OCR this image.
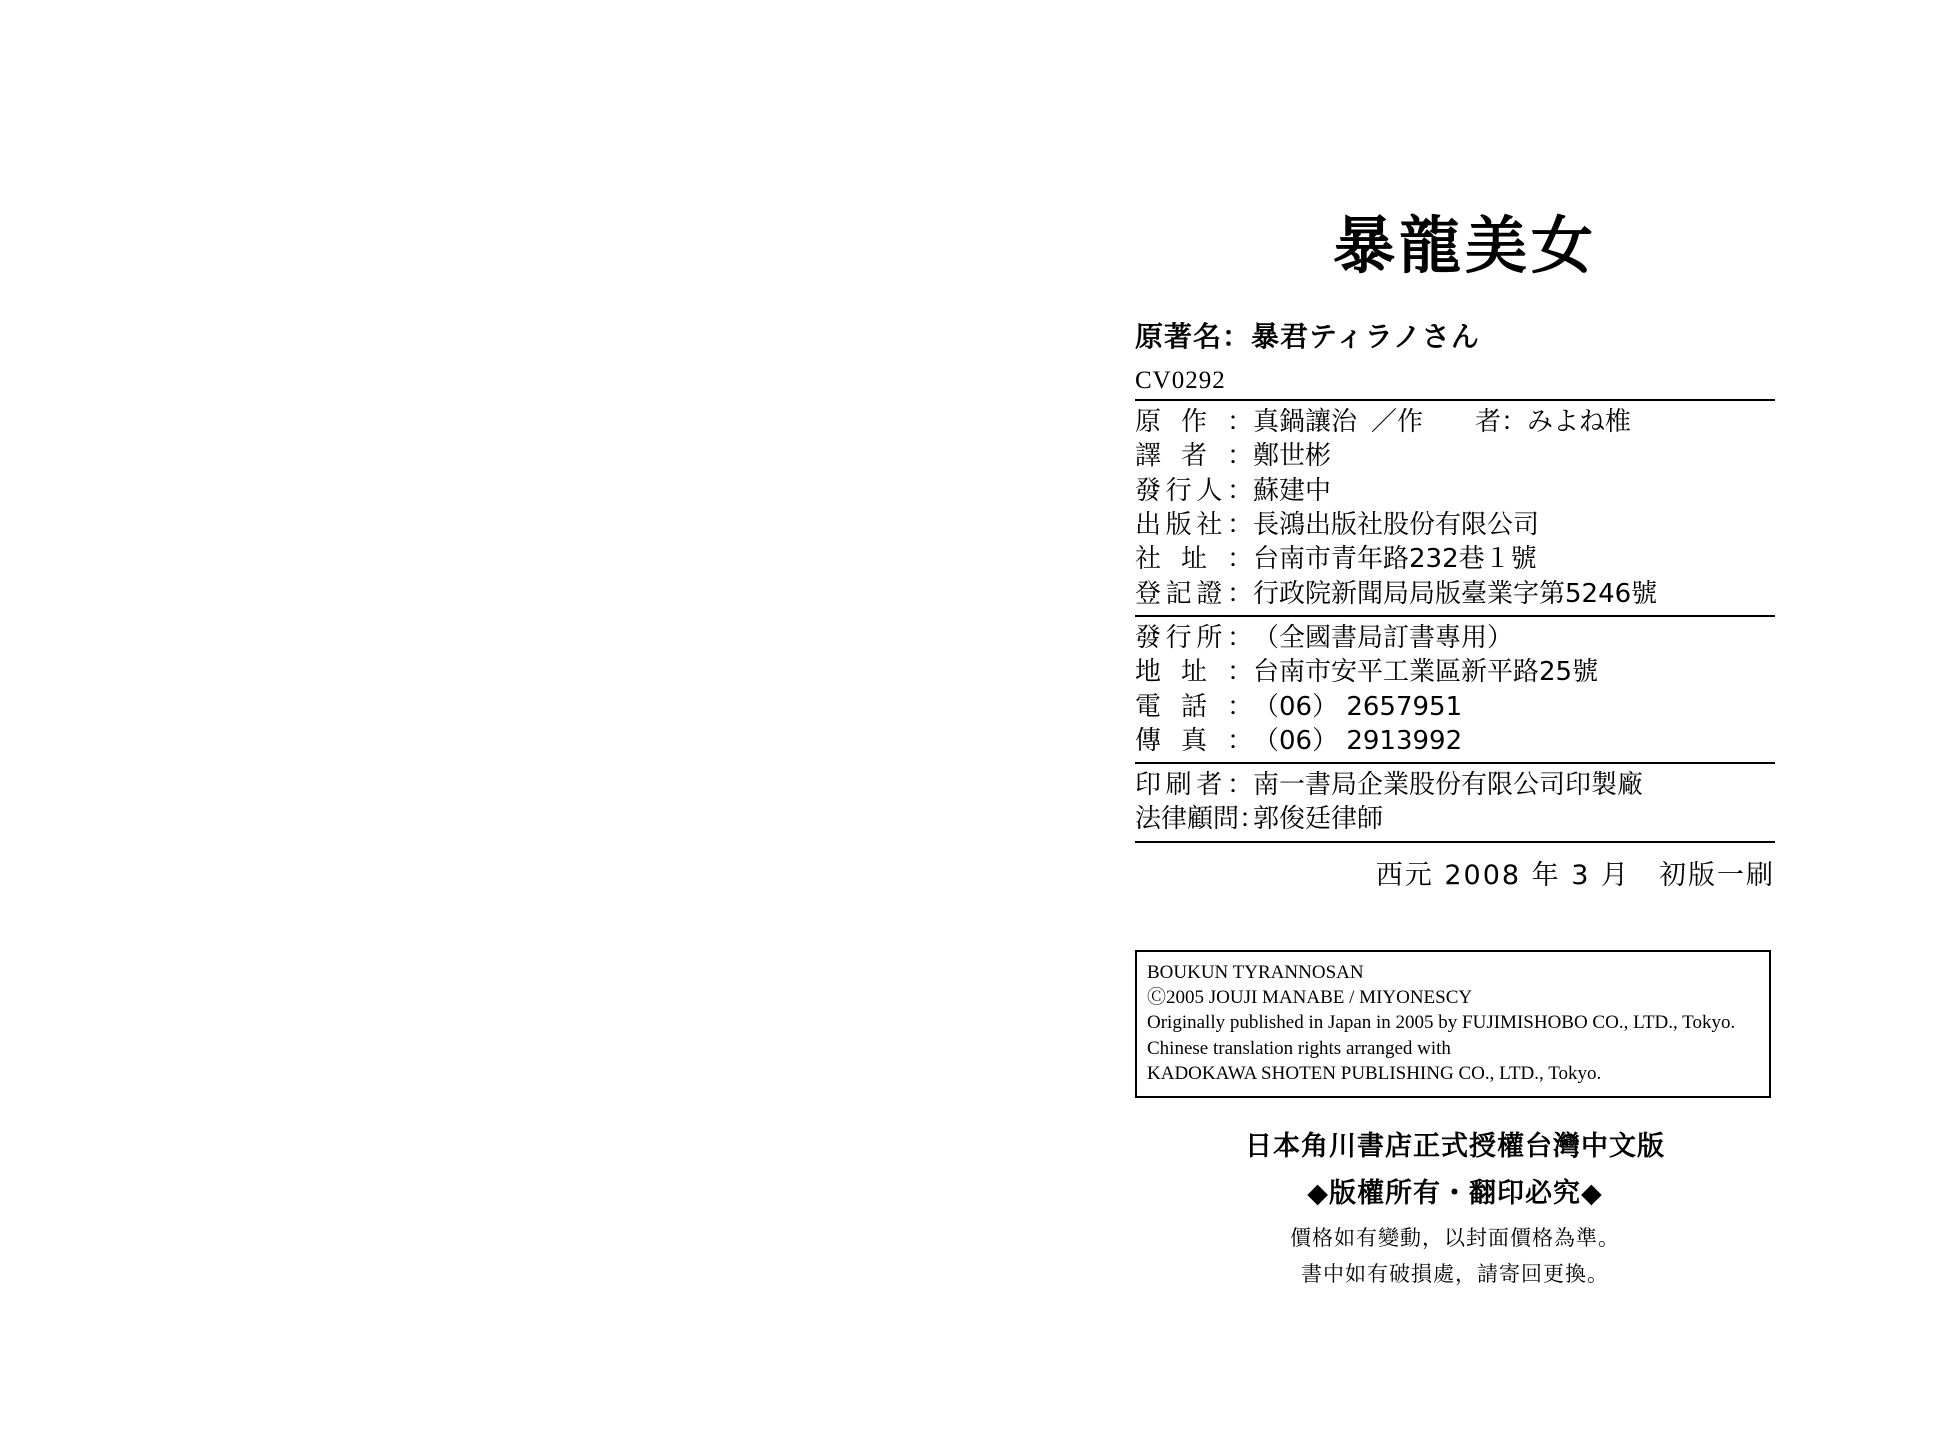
暴龍美女
原著名：暴君ティラノさん
CV0292
原 作 ： 真鍋讓治 ／作　　者：みよね椎
譯 者 ： 鄭世彬
發 行 人 ： 蘇建中
出 版 社 ： 長鴻出版社股份有限公司
社 址 ： 台南市青年路232巷１號
登 記 證 ： 行政院新聞局局版臺業字第5246號
發 行 所 ： （全國書局訂書專用）
地 址 ： 台南市安平工業區新平路25號
電 話 ： （06） 2657951
傳 真 ： （06） 2913992
印 刷 者 ： 南一書局企業股份有限公司印製廠
法律顧問：
郭俊廷律師
西元 2008 年 3 月　初版一刷
BOUKUN TYRANNOSAN
Ⓒ2005 JOUJI MANABE / MIYONESCY
Originally published in Japan in 2005 by FUJIMISHOBO CO., LTD., Tokyo.
Chinese translation rights arranged with
KADOKAWA SHOTEN PUBLISHING CO., LTD., Tokyo.
日本角川書店正式授權台灣中文版
◆版權所有・翻印必究◆
價格如有變動，以封面價格為準。
書中如有破損處，請寄回更換。
